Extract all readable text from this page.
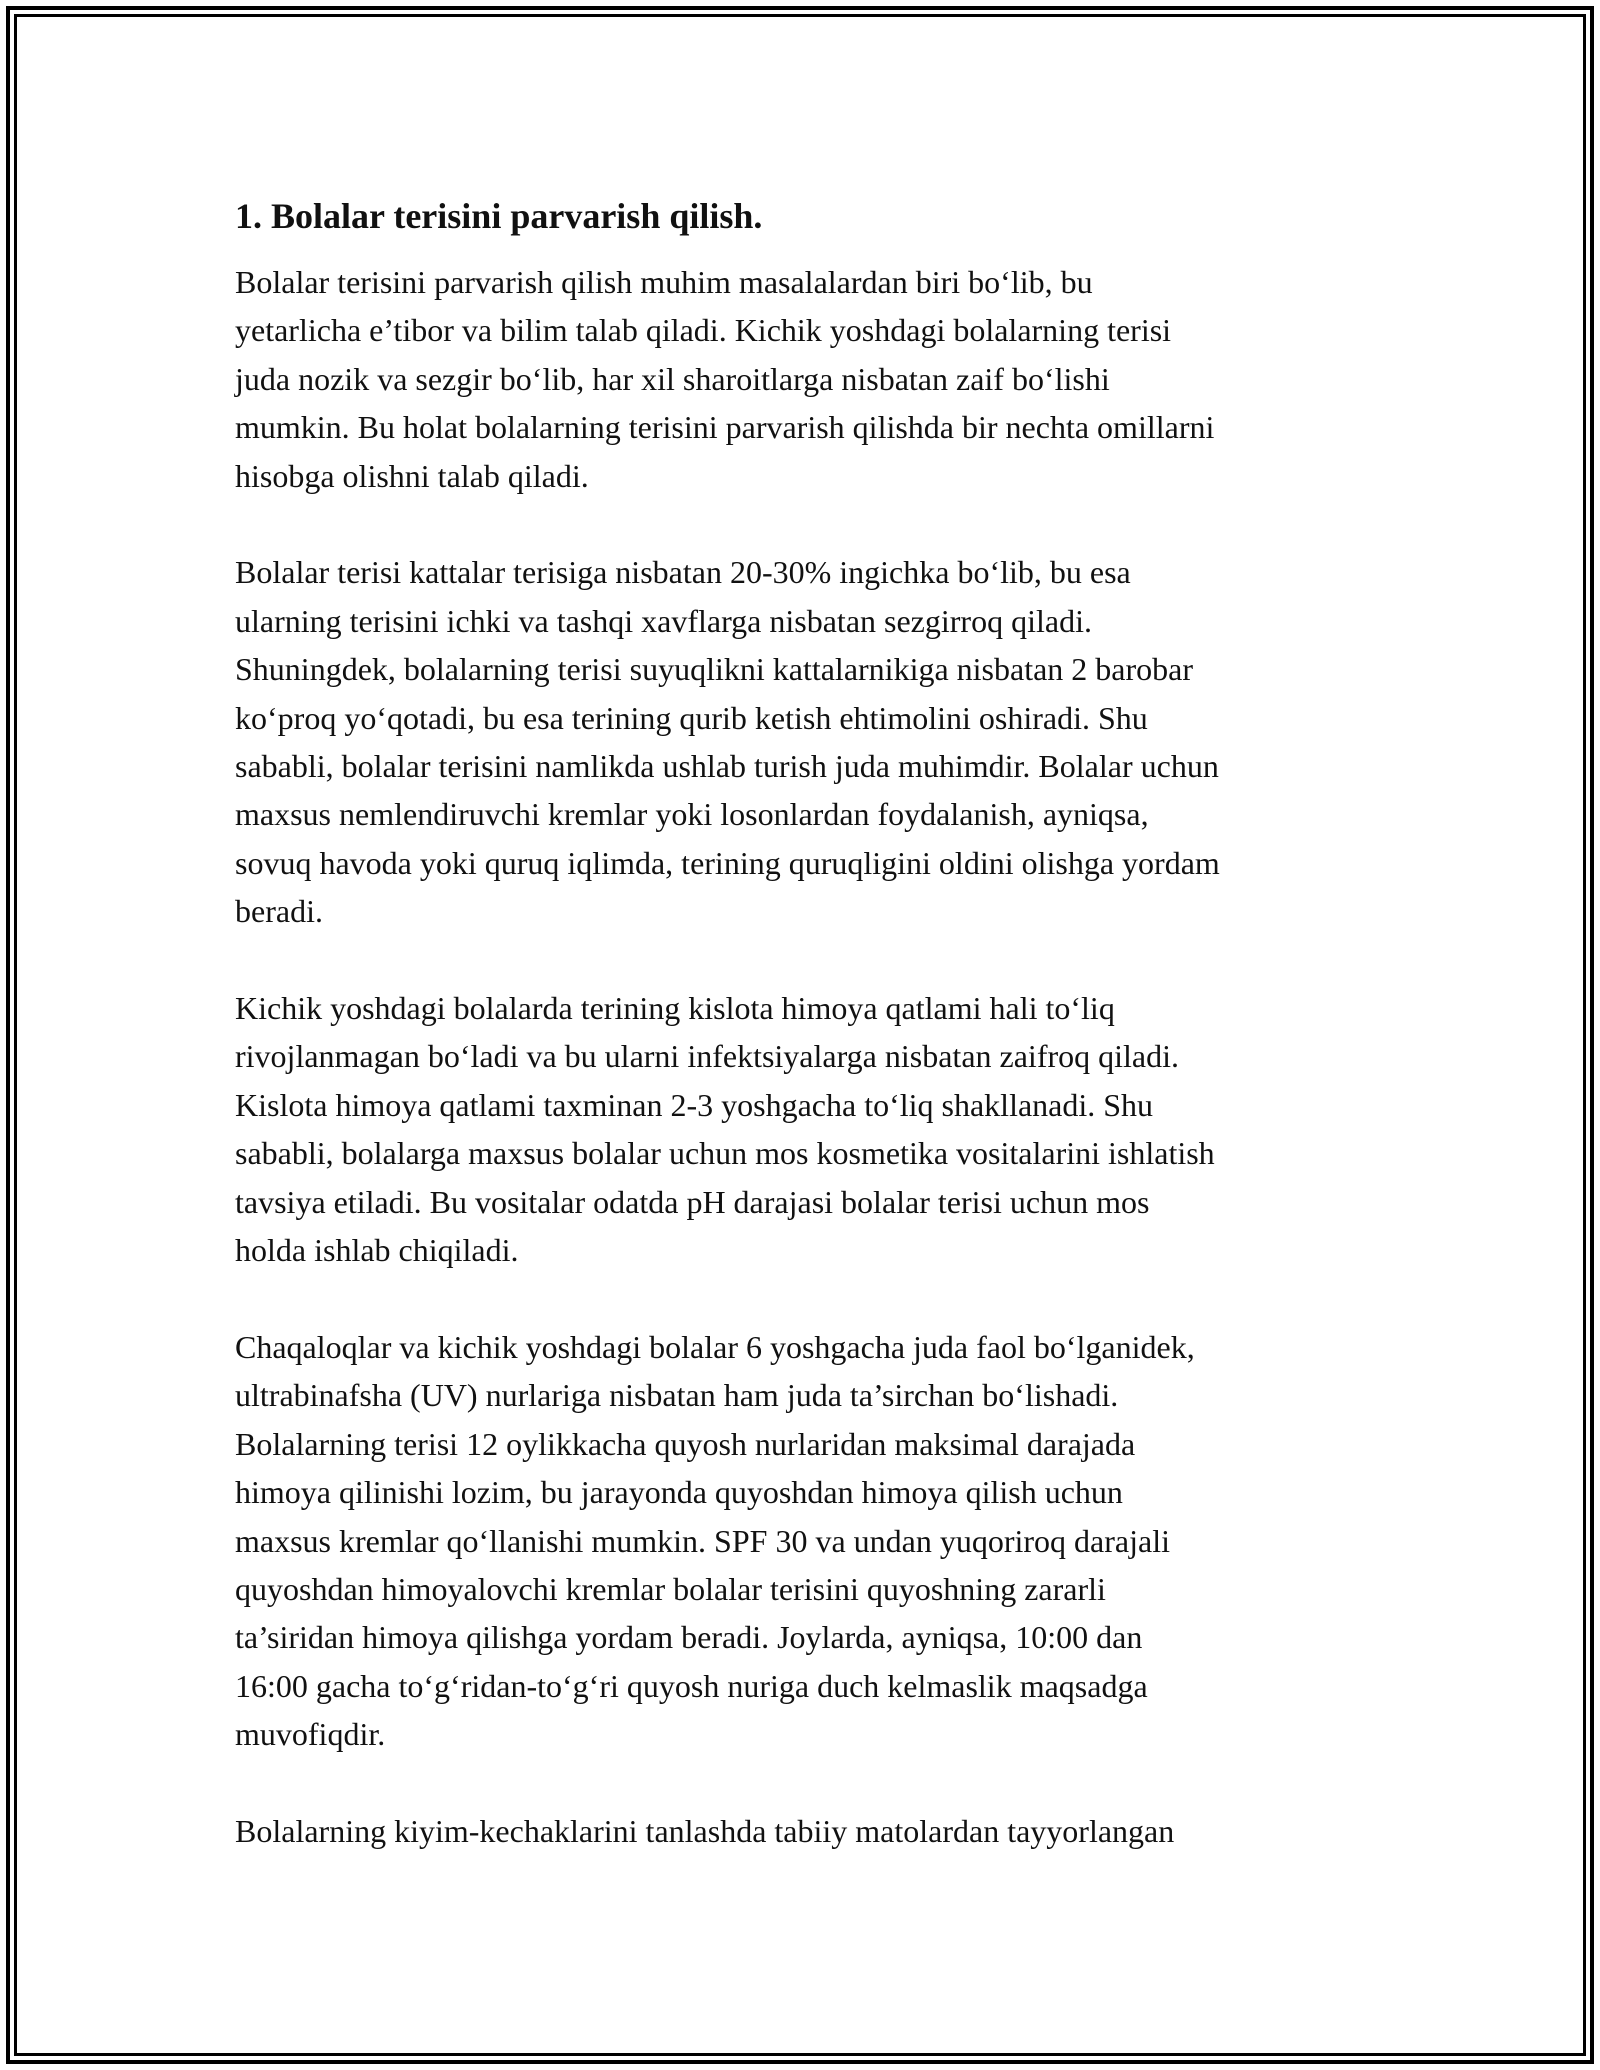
1. Bolalar terisini parvarish qilish.

Bolalar terisini parvarish qilish muhim masalalardan biri bo‘lib, bu
yetarlicha e’tibor va bilim talab qiladi. Kichik yoshdagi bolalarning terisi
juda nozik va sezgir bo‘lib, har xil sharoitlarga nisbatan zaif bo‘lishi
mumkin. Bu holat bolalarning terisini parvarish qilishda bir nechta omillarni
hisobga olishni talab qiladi.

Bolalar terisi kattalar terisiga nisbatan 20-30% ingichka bo‘lib, bu esa
ularning terisini ichki va tashqi xavflarga nisbatan sezgirroq qiladi.
Shuningdek, bolalarning terisi suyuqlikni kattalarnikiga nisbatan 2 barobar
ko‘proq yo‘qotadi, bu esa terining qurib ketish ehtimolini oshiradi. Shu
sababli, bolalar terisini namlikda ushlab turish juda muhimdir. Bolalar uchun
maxsus nemlendiruvchi kremlar yoki losonlardan foydalanish, ayniqsa,
sovuq havoda yoki quruq iqlimda, terining quruqligini oldini olishga yordam
beradi.

Kichik yoshdagi bolalarda terining kislota himoya qatlami hali to‘liq
rivojlanmagan bo‘ladi va bu ularni infektsiyalarga nisbatan zaifroq qiladi.
Kislota himoya qatlami taxminan 2-3 yoshgacha to‘liq shakllanadi. Shu
sababli, bolalarga maxsus bolalar uchun mos kosmetika vositalarini ishlatish
tavsiya etiladi. Bu vositalar odatda pH darajasi bolalar terisi uchun mos
holda ishlab chiqiladi.

Chaqaloqlar va kichik yoshdagi bolalar 6 yoshgacha juda faol bo‘lganidek,
ultrabinafsha (UV) nurlariga nisbatan ham juda ta’sirchan bo‘lishadi.
Bolalarning terisi 12 oylikkacha quyosh nurlaridan maksimal darajada
himoya qilinishi lozim, bu jarayonda quyoshdan himoya qilish uchun
maxsus kremlar qo‘llanishi mumkin. SPF 30 va undan yuqoriroq darajali
quyoshdan himoyalovchi kremlar bolalar terisini quyoshning zararli
ta’siridan himoya qilishga yordam beradi. Joylarda, ayniqsa, 10:00 dan
16:00 gacha to‘g‘ridan-to‘g‘ri quyosh nuriga duch kelmaslik maqsadga
muvofiqdir.

Bolalarning kiyim-kechaklarini tanlashda tabiiy matolardan tayyorlangan
